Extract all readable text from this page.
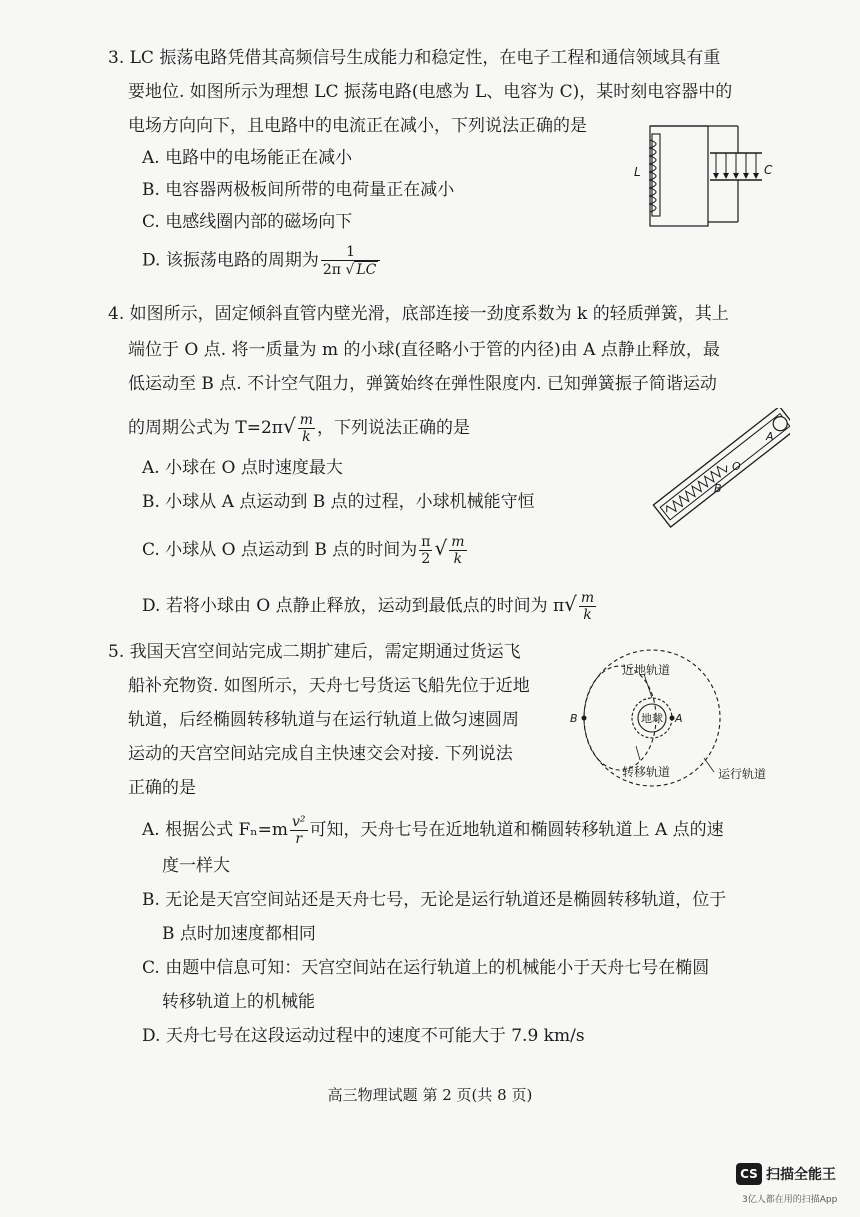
3. LC 振荡电路凭借其高频信号生成能力和稳定性，在电子工程和通信领域具有重
要地位. 如图所示为理想 LC 振荡电路(电感为 L、电容为 C)，某时刻电容器中的
电场方向向下，且电路中的电流正在减小，下列说法正确的是
A. 电路中的电场能正在减小
B. 电容器两极板间所带的电荷量正在减小
C. 电感线圈内部的磁场向下
D. 该振荡电路的周期为 $\frac{1}{2\pi √ LC}$
L	C
4. 如图所示，固定倾斜直管内壁光滑，底部连接一劲度系数为 k 的轻质弹簧，其上
端位于 O 点. 将一质量为 m 的小球(直径略小于管的内径)由 A 点静止释放，最
低运动至 B 点. 不计空气阻力，弹簧始终在弹性限度内. 已知弹簧振子简谐运动
的周期公式为 $T=2\pi√ \frac{m}{k}$ ，下列说法正确的是
A. 小球在 O 点时速度最大
B. 小球从 A 点运动到 B 点的过程，小球机械能守恒
C. 小球从 O 点运动到 B 点的时间为 $\frac{\pi}{2}$ √ $\frac{m}{k}$
D. 若将小球由 O 点静止释放，运动到最低点的时间为 $\pi√ \frac{m}{k}$
A
O
B
5. 我国天宫空间站完成二期扩建后，需定期通过货运飞
船补充物资. 如图所示，天舟七号货运飞船先位于近地
轨道，后经椭圆转移轨道与在运行轨道上做匀速圆周
运动的天宫空间站完成自主快速交会对接. 下列说法
正确的是
A. 根据公式 $F_n=m \frac{\text{v²}}{r}$ 可知，天舟七号在近地轨道和椭圆转移轨道上 A 点的速
度一样大
B. 无论是天宫空间站还是天舟七号，无论是运行轨道还是椭圆转移轨道，位于
B 点时加速度都相同
C. 由题中信息可知：天宫空间站在运行轨道上的机械能小于天舟七号在椭圆
转移轨道上的机械能
D. 天舟七号在这段运动过程中的速度不可能大于 7.9 km/s
近地轨道
地球 A
B
转移轨道	运行轨道
高三物理试题 第 2 页(共 8 页)
CS 扫描全能王
3亿人都在用的扫描App
